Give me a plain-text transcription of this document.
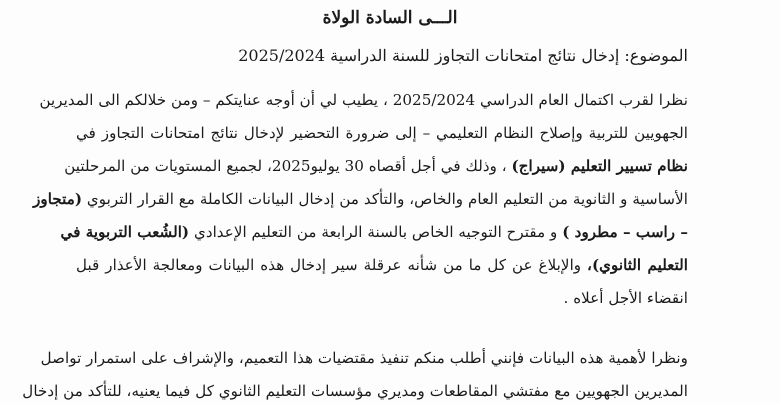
الـــى السادة الولاة
الموضوع: إدخال نتائج امتحانات التجاوز للسنة الدراسية 2025/2024
نظرا لقرب اكتمال العام الدراسي 2025/2024 ، يطيب لي أن أوجه عنايتكم – ومن خلالكم الى المديرين
الجهويين للتربية وإصلاح النظام التعليمي – إلى ضرورة التحضير لإدخال نتائج امتحانات التجاوز في
نظام تسيير التعليم (سيراج) ، وذلك في أجل أقصاه 30 يوليو2025، لجميع المستويات من المرحلتين
الأساسية و الثانوية من التعليم العام والخاص، والتأكد من إدخال البيانات الكاملة مع القرار التربوي (متجاوز
– راسب – مطرود ) و مقترح التوجيه الخاص بالسنة الرابعة من التعليم الإعدادي (الشُعب التربوية في
التعليم الثانوي)، والإبلاغ عن كل ما من شأنه عرقلة سير إدخال هذه البيانات ومعالجة الأعذار قبل
انقضاء الأجل أعلاه .
ونظرا لأهمية هذه البيانات فإنني أطلب منكم تنفيذ مقتضيات هذا التعميم، والإشراف على استمرار تواصل
المديرين الجهويين مع مفتشي المقاطعات ومديري مؤسسات التعليم الثانوي كل فيما يعنيه، للتأكد من إدخال
